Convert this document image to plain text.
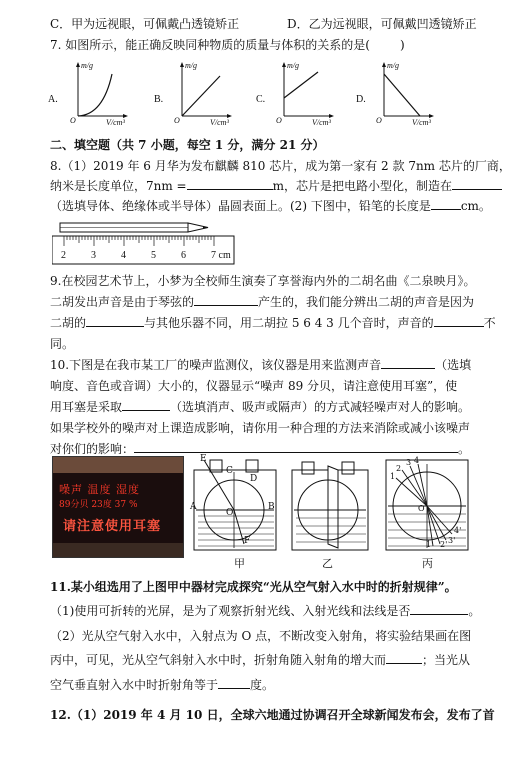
C．甲为远视眼，可佩戴凸透镜矫正	D．乙为远视眼，可佩戴凹透镜矫正
7. 如图所示，能正确反映同种物质的质量与体积的关系的是(	)
A.
m/g
O	V/cm³
B.
m/g
O	V/cm³
C.
m/g
O	V/cm³
D.
m/g
O	V/cm³
二、填空题（共 7 小题，每空 1 分，满分 21 分）
8.（1）2019 年 6 月华为发布麒麟 810 芯片，成为第一家有 2 款 7nm 芯片的厂商，
纳米是长度单位，7nm =	m，芯片是把电路小型化，制造在
（选填导体、绝缘体或半导体）晶圆表面上。(2) 下图中，铅笔的长度是	cm。
2	3	4	5	6	7 cm
9.在校园艺术节上，小梦为全校师生演奏了享誉海内外的二胡名曲《二泉映月》。
二胡发出声音是由于琴弦的	产生的，我们能分辨出二胡的声音是因为
二胡的	与其他乐器不同，用二胡拉 5 6 4 3 几个音时，声音的	不
同。
10.下图是在我市某工厂的噪声监测仪，该仪器是用来监测声音	（选填
响度、音色或音调）大小的，仪器显示“噪声 89 分贝，请注意使用耳塞”，使
用耳塞是采取	（选填消声、吸声或隔声）的方式减轻噪声对人的影响。
如果学校外的噪声对上课造成影响，请你用一种合理的方法来消除或减小该噪声
对你们的影响：	。
噪声 温度 湿度
89分贝 23度 37 %
请注意使用耳塞
E
C
D
A	B
O
F
甲	乙
1
2
3 4
O
4'
3'
2'
1'
丙
11.某小组选用了上图甲中器材完成探究“光从空气射入水中时的折射规律”。
（1)使用可折转的光屏，是为了观察折射光线、入射光线和法线是否	。
（2）光从空气射入水中，入射点为 O 点，不断改变入射角，将实验结果画在图
丙中，可见，光从空气斜射入水中时，折射角随入射角的增大而	；当光从
空气垂直射入水中时折射角等于	度。
12.（1）2019 年 4 月 10 日，全球六地通过协调召开全球新闻发布会，发布了首
